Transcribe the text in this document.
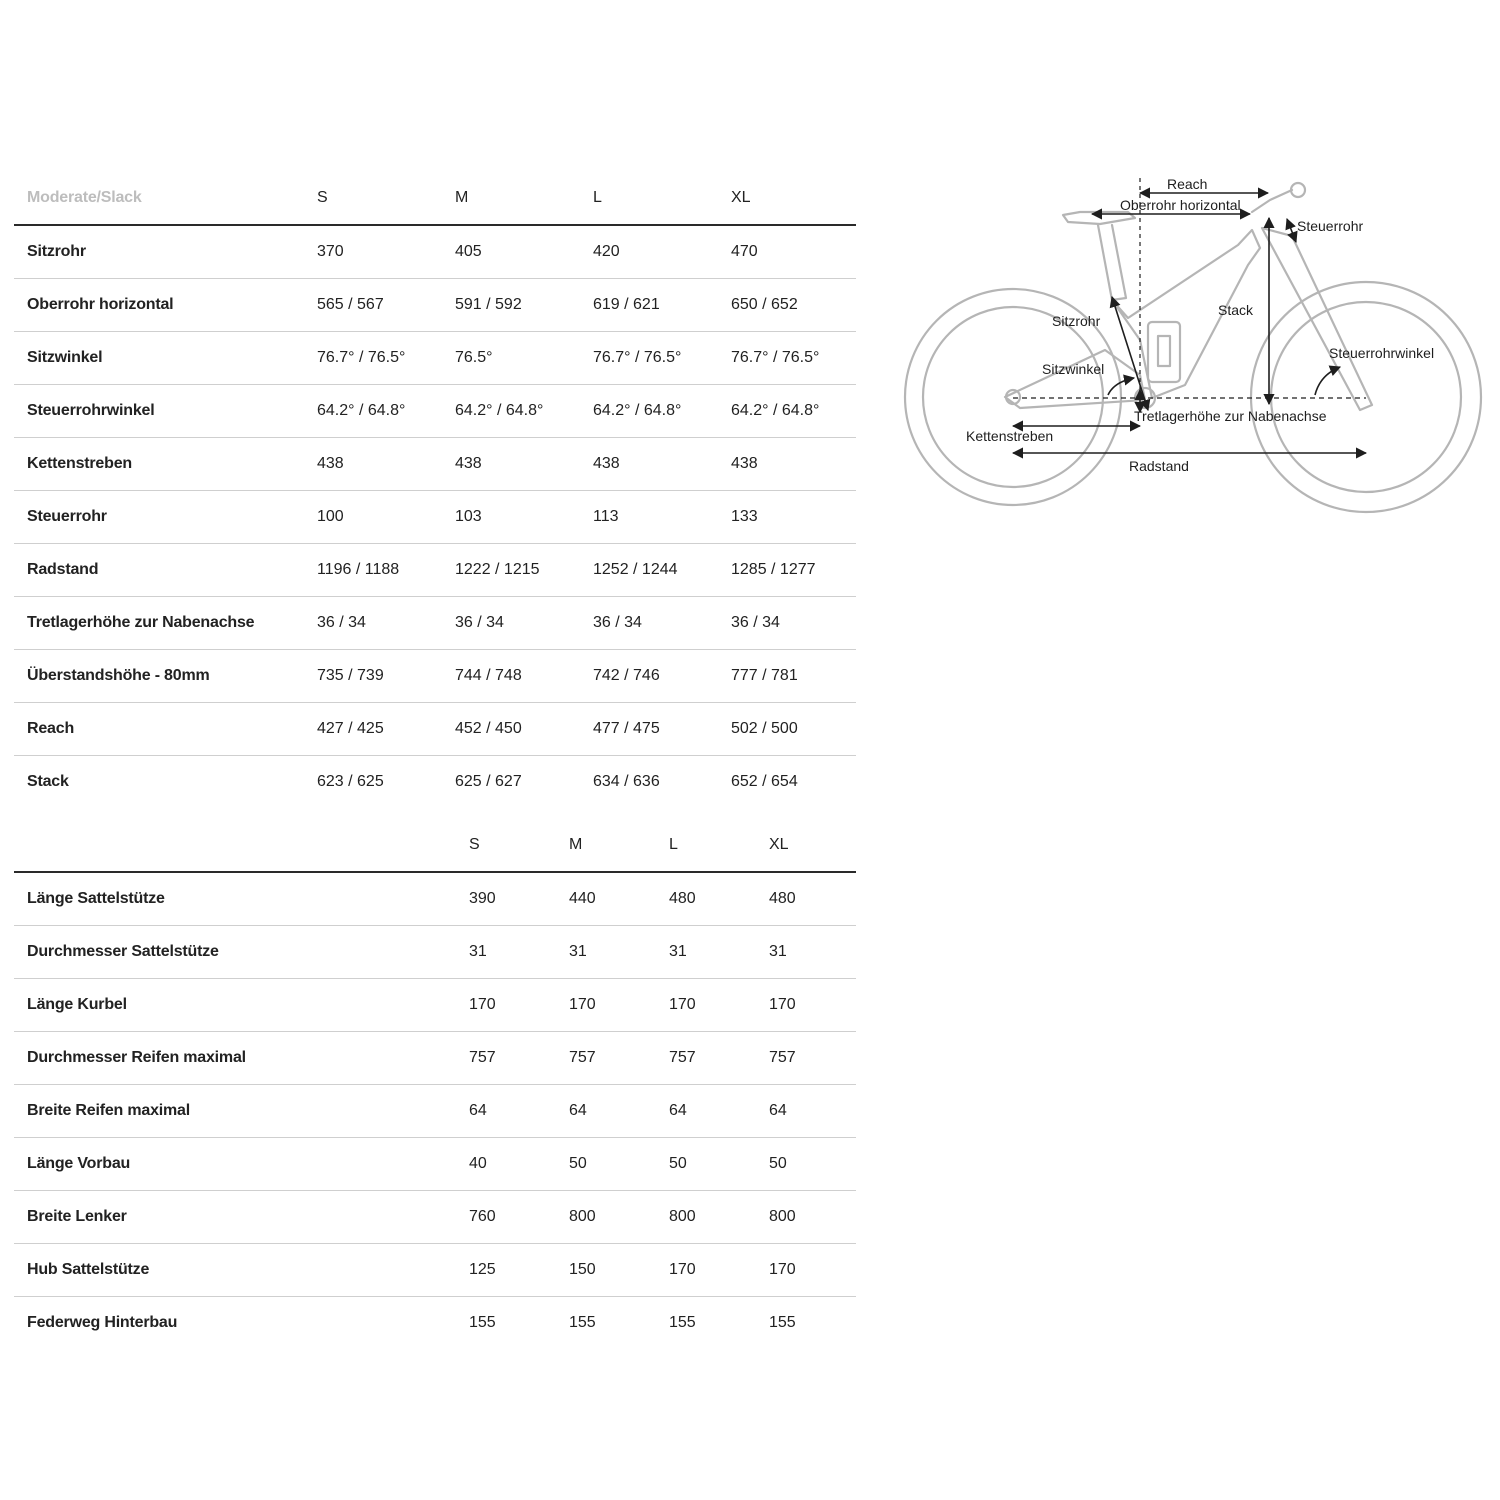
Moderate/Slack	S	M	L	XL
Sitzrohr	370	405	420	470
Oberrohr horizontal	565 / 567	591 / 592	619 / 621	650 / 652
Sitzwinkel	76.7° / 76.5°	76.5°	76.7° / 76.5°	76.7° / 76.5°
Steuerrohrwinkel	64.2° / 64.8°	64.2° / 64.8°	64.2° / 64.8°	64.2° / 64.8°
Kettenstreben	438	438	438	438
Steuerrohr	100	103	113	133
Radstand	1196 / 1188	1222 / 1215	1252 / 1244	1285 / 1277
Tretlagerhöhe zur Nabenachse	36 / 34	36 / 34	36 / 34	36 / 34
Überstandshöhe - 80mm	735 / 739	744 / 748	742 / 746	777 / 781
Reach	427 / 425	452 / 450	477 / 475	502 / 500
Stack	623 / 625	625 / 627	634 / 636	652 / 654
S	M	L	XL
Länge Sattelstütze	390	440	480	480
Durchmesser Sattelstütze	31	31	31	31
Länge Kurbel	170	170	170	170
Durchmesser Reifen maximal	757	757	757	757
Breite Reifen maximal	64	64	64	64
Länge Vorbau	40	50	50	50
Breite Lenker	760	800	800	800
Hub Sattelstütze	125	150	170	170
Federweg Hinterbau	155	155	155	155
Reach
Oberrohr horizontal
Steuerrohr
Stack
Sitzrohr
Steuerrohrwinkel
Sitzwinkel
Tretlagerhöhe zur Nabenachse
Kettenstreben
Radstand
